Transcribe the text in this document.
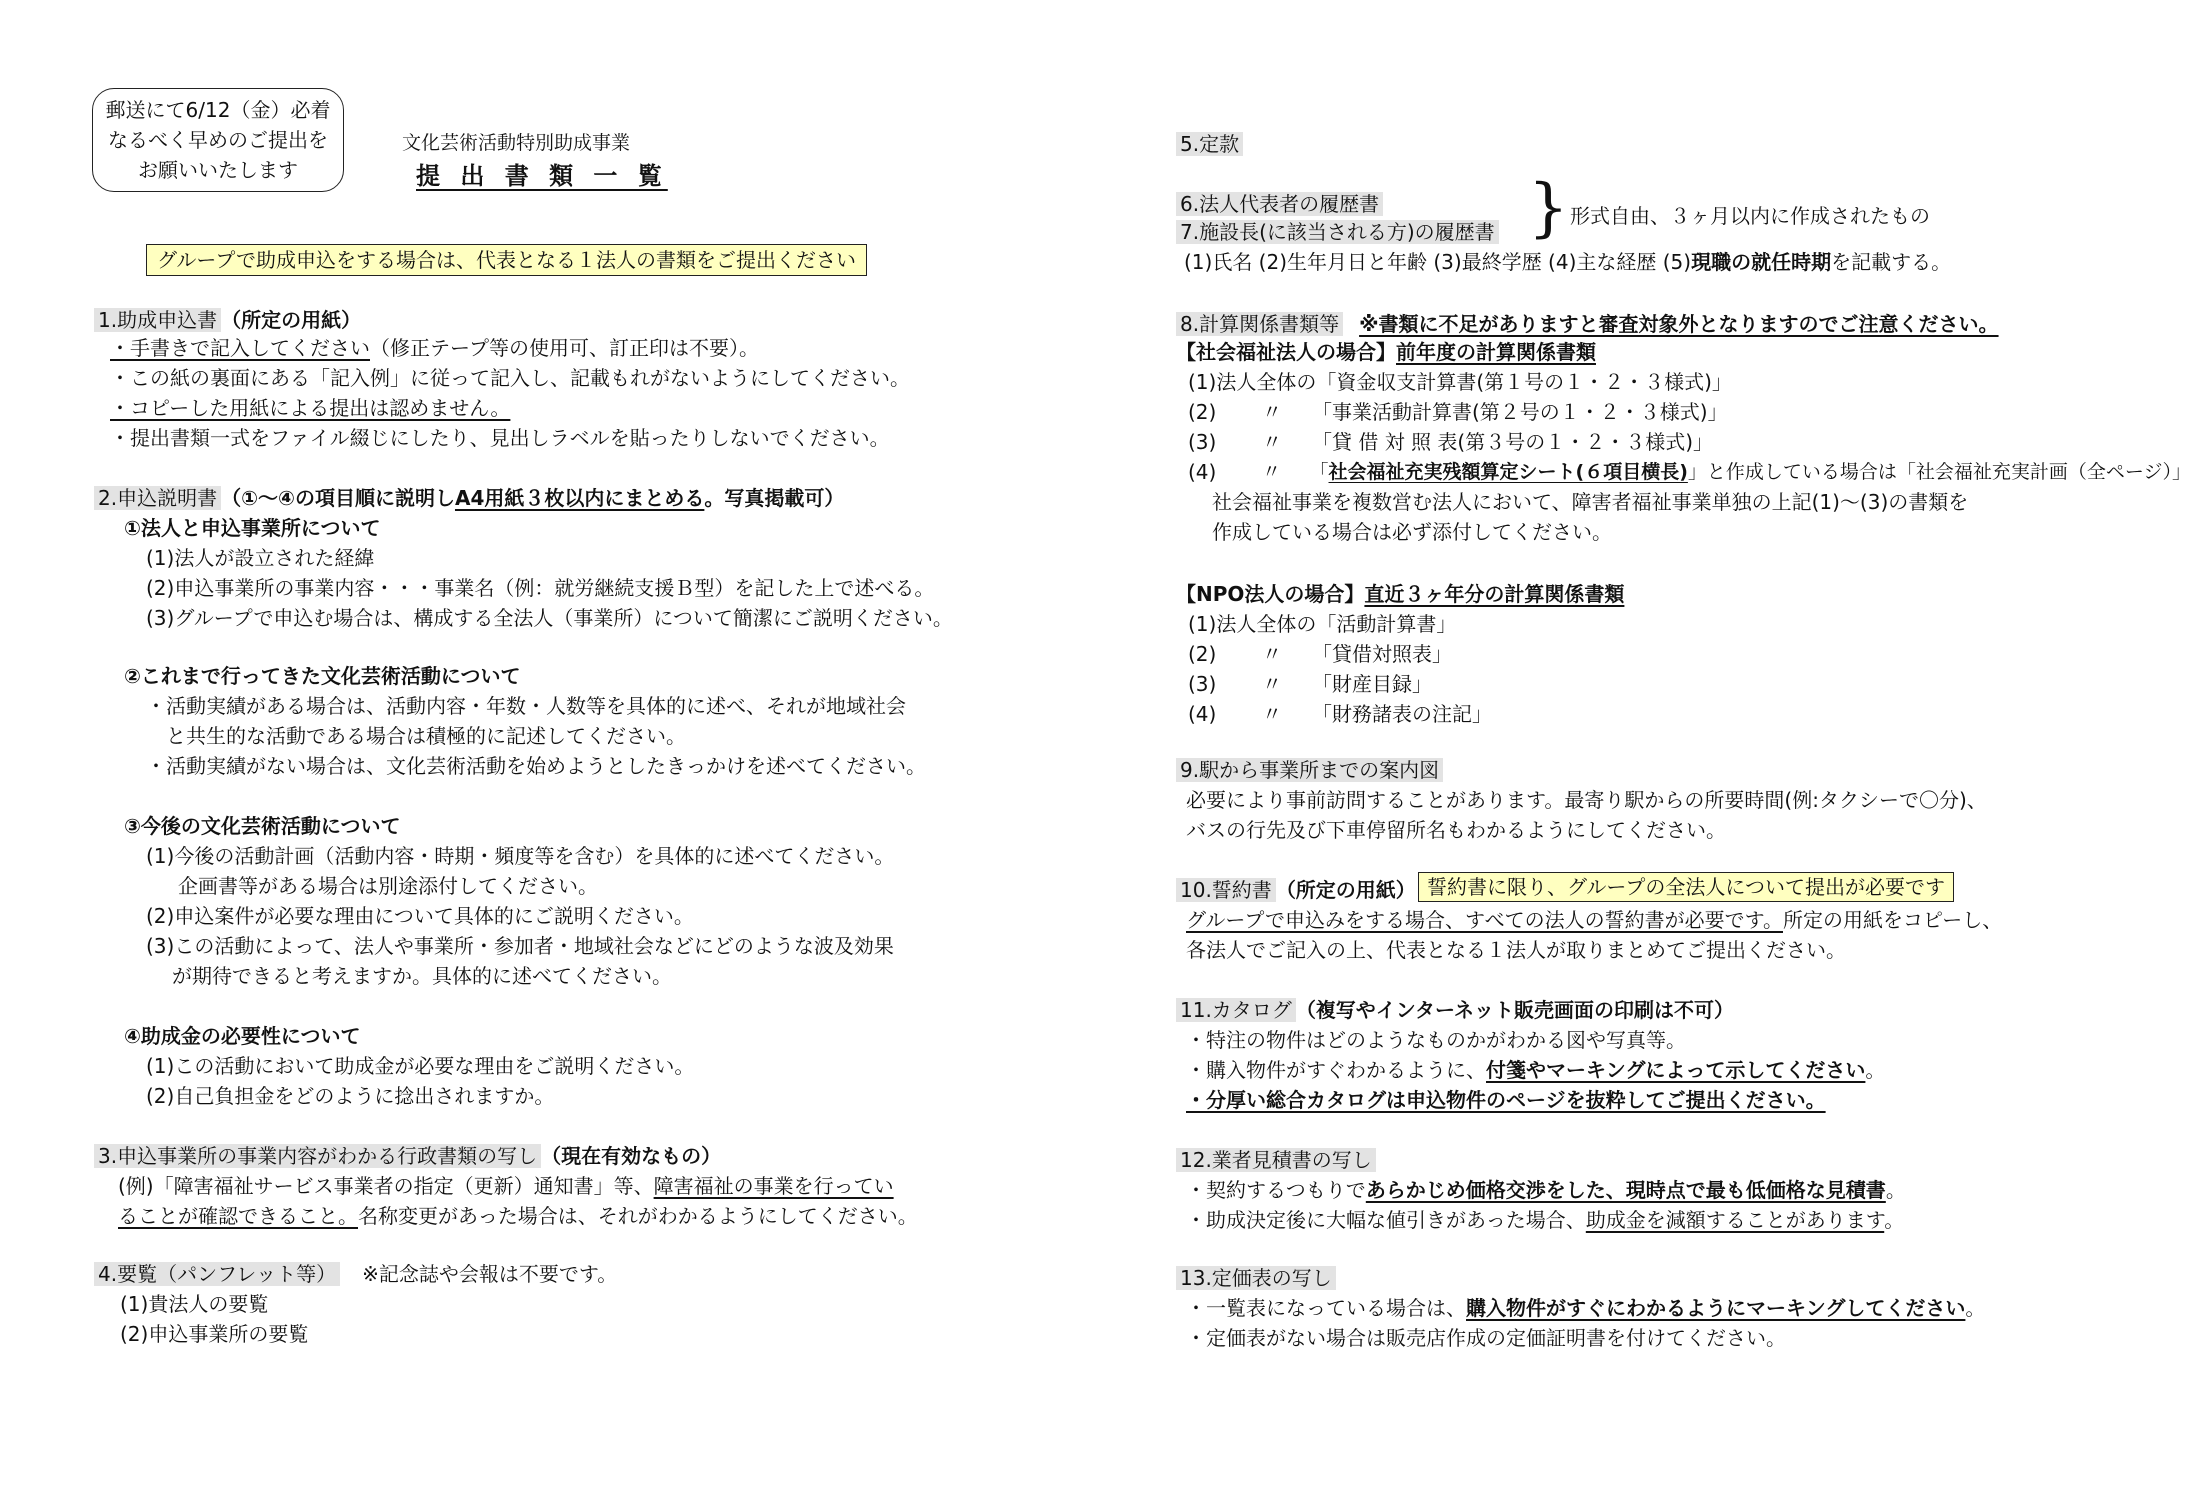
郵送にて6/12（金）必着
なるべく早めのご提出を
お願いいたします
文化芸術活動特別助成事業
提 出 書 類 一 覧
グループで助成申込をする場合は、代表となる１法人の書類をご提出ください
1.助成申込書 （所定の用紙）
・手書きで記入してください（修正テープ等の使用可、訂正印は不要）。
・この紙の裏面にある「記入例」に従って記入し、記載もれがないようにしてください。
・コピーした用紙による提出は認めません。
・提出書類一式をファイル綴じにしたり、見出しラベルを貼ったりしないでください。
2.申込説明書 （①～④の項目順に説明しA4用紙３枚以内にまとめる。写真掲載可）
①法人と申込事業所について
(1)法人が設立された経緯
(2)申込事業所の事業内容・・・事業名（例：就労継続支援Ｂ型）を記した上で述べる。
(3)グループで申込む場合は、構成する全法人（事業所）について簡潔にご説明ください。
②これまで行ってきた文化芸術活動について
・活動実績がある場合は、活動内容・年数・人数等を具体的に述べ、それが地域社会
と共生的な活動である場合は積極的に記述してください。
・活動実績がない場合は、文化芸術活動を始めようとしたきっかけを述べてください。
③今後の文化芸術活動について
(1)今後の活動計画（活動内容・時期・頻度等を含む）を具体的に述べてください。
企画書等がある場合は別途添付してください。
(2)申込案件が必要な理由について具体的にご説明ください。
(3)この活動によって、法人や事業所・参加者・地域社会などにどのような波及効果
が期待できると考えますか。具体的に述べてください。
④助成金の必要性について
(1)この活動において助成金が必要な理由をご説明ください。
(2)自己負担金をどのように捻出されますか。
3.申込事業所の事業内容がわかる行政書類の写し （現在有効なもの）
(例)「障害福祉サービス事業者の指定（更新）通知書」等、障害福祉の事業を行ってい
ることが確認できること。名称変更があった場合は、それがわかるようにしてください。
4.要覧（パンフレット等） ※記念誌や会報は不要です。
(1)貴法人の要覧
(2)申込事業所の要覧
5.定款
6.法人代表者の履歴書
7.施設長(に該当される方)の履歴書 } 形式自由、３ヶ月以内に作成されたもの
(1)氏名 (2)生年月日と年齢 (3)最終学歴 (4)主な経歴 (5)現職の就任時期を記載する。
8.計算関係書類等 ※書類に不足がありますと審査対象外となりますのでご注意ください。
【社会福祉法人の場合】前年度の計算関係書類
(1)法人全体の「資金収支計算書(第１号の１・２・３様式)」
(2) 〃　　「事業活動計算書(第２号の１・２・３様式)」
(3) 〃　　「貸 借 対 照 表(第３号の１・２・３様式)」
(4) 〃　　「社会福祉充実残額算定シート(６項目横長)」と作成している場合は「社会福祉充実計画（全ページ）」
社会福祉事業を複数営む法人において、障害者福祉事業単独の上記(1)～(3)の書類を
作成している場合は必ず添付してください。
【NPO法人の場合】直近３ヶ年分の計算関係書類
(1)法人全体の「活動計算書」
(2) 〃　　「貸借対照表」
(3) 〃　　「財産目録」
(4) 〃　　「財務諸表の注記」
9.駅から事業所までの案内図
必要により事前訪問することがあります。最寄り駅からの所要時間(例:タクシーで〇分)、
バスの行先及び下車停留所名もわかるようにしてください。
10.誓約書 （所定の用紙） 誓約書に限り、グループの全法人について提出が必要です
グループで申込みをする場合、すべての法人の誓約書が必要です。所定の用紙をコピーし、
各法人でご記入の上、代表となる１法人が取りまとめてご提出ください。
11.カタログ （複写やインターネット販売画面の印刷は不可）
・特注の物件はどのようなものかがわかる図や写真等。
・購入物件がすぐわかるように、付箋やマーキングによって示してください。
・分厚い総合カタログは申込物件のページを抜粋してご提出ください。
12.業者見積書の写し
・契約するつもりであらかじめ価格交渉をした、現時点で最も低価格な見積書。
・助成決定後に大幅な値引きがあった場合、助成金を減額することがあります。
13.定価表の写し
・一覧表になっている場合は、購入物件がすぐにわかるようにマーキングしてください。
・定価表がない場合は販売店作成の定価証明書を付けてください。
